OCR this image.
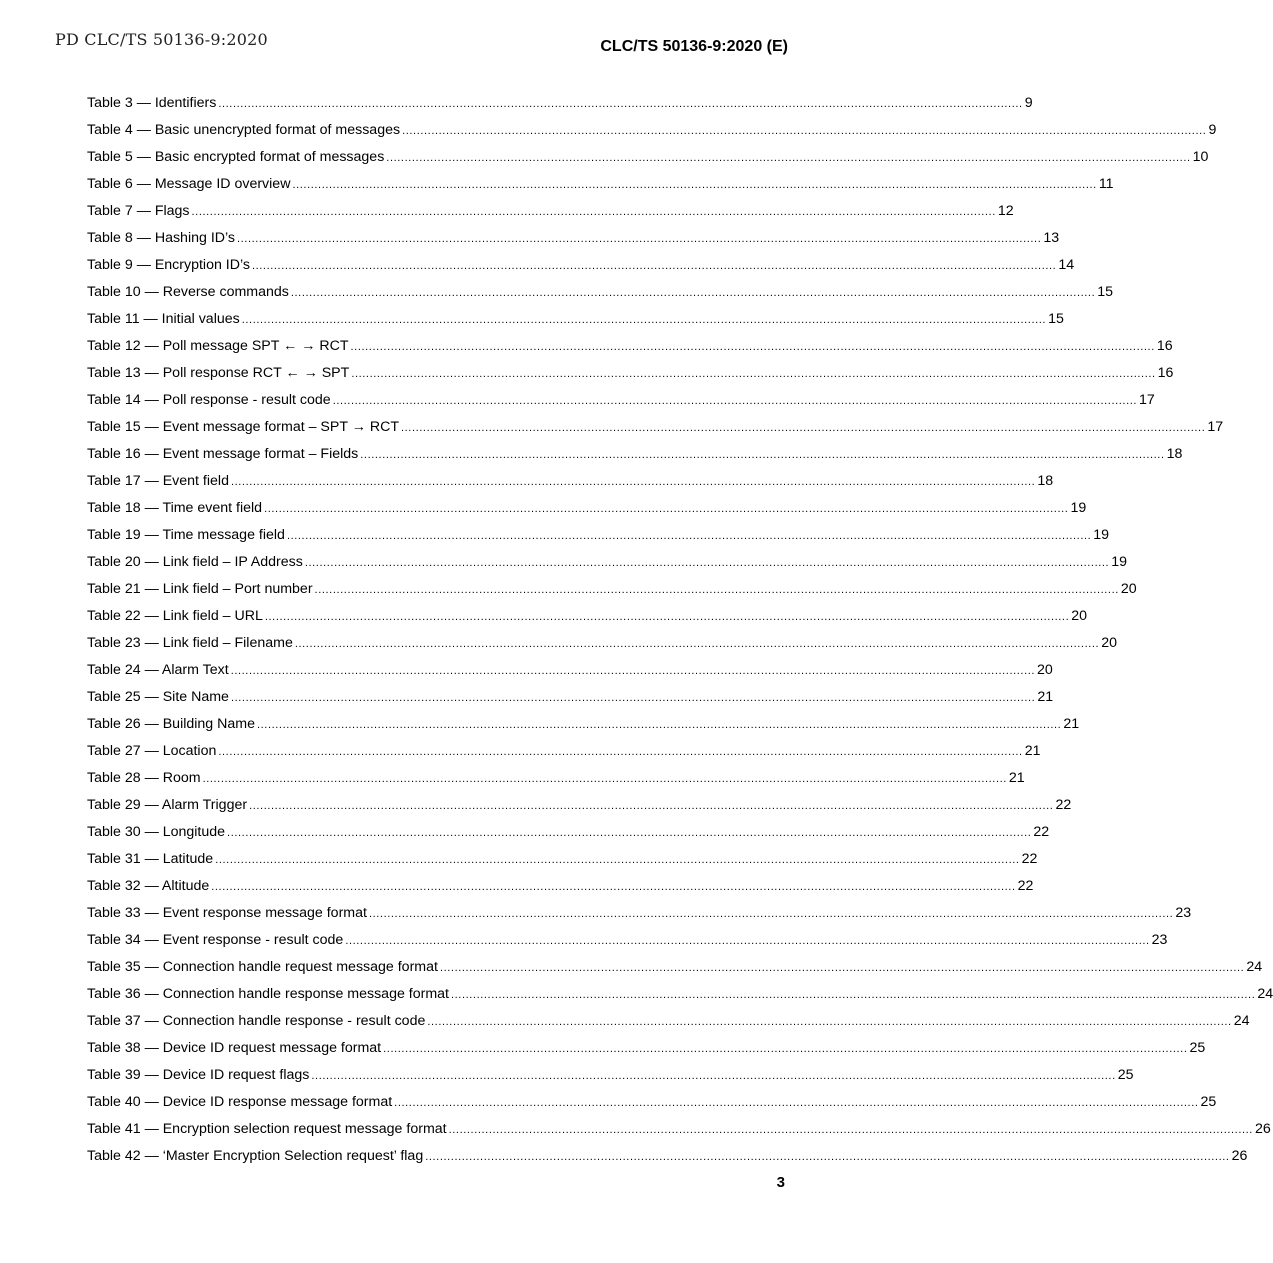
PD CLC/TS 50136-9:2020	CLC/TS 50136-9:2020 (E)
Table 3 — Identifiers ............................................................................................................................................................................................................................ 9
Table 4 — Basic unencrypted format of messages ............................................................................................................................................................................................................................ 9
Table 5 — Basic encrypted format of messages ............................................................................................................................................................................................................................ 10
Table 6 — Message ID overview ............................................................................................................................................................................................................................ 11
Table 7 — Flags ............................................................................................................................................................................................................................ 12
Table 8 — Hashing ID’s ............................................................................................................................................................................................................................ 13
Table 9 — Encryption ID’s ............................................................................................................................................................................................................................ 14
Table 10 — Reverse commands ............................................................................................................................................................................................................................ 15
Table 11 — Initial values ............................................................................................................................................................................................................................ 15
Table 12 — Poll message SPT ← → RCT ............................................................................................................................................................................................................................ 16
Table 13 — Poll response RCT ← → SPT ............................................................................................................................................................................................................................ 16
Table 14 — Poll response - result code ............................................................................................................................................................................................................................ 17
Table 15 — Event message format – SPT → RCT ............................................................................................................................................................................................................................ 17
Table 16 — Event message format – Fields ............................................................................................................................................................................................................................ 18
Table 17 — Event field ............................................................................................................................................................................................................................ 18
Table 18 — Time event field ............................................................................................................................................................................................................................ 19
Table 19 — Time message field ............................................................................................................................................................................................................................ 19
Table 20 — Link field – IP Address ............................................................................................................................................................................................................................ 19
Table 21 — Link field – Port number ............................................................................................................................................................................................................................ 20
Table 22 — Link field – URL ............................................................................................................................................................................................................................ 20
Table 23 — Link field – Filename ............................................................................................................................................................................................................................ 20
Table 24 — Alarm Text ............................................................................................................................................................................................................................ 20
Table 25 — Site Name ............................................................................................................................................................................................................................ 21
Table 26 — Building Name ............................................................................................................................................................................................................................ 21
Table 27 — Location ............................................................................................................................................................................................................................ 21
Table 28 — Room ............................................................................................................................................................................................................................ 21
Table 29 — Alarm Trigger ............................................................................................................................................................................................................................ 22
Table 30 — Longitude ............................................................................................................................................................................................................................ 22
Table 31 — Latitude ............................................................................................................................................................................................................................ 22
Table 32 — Altitude ............................................................................................................................................................................................................................ 22
Table 33 — Event response message format ............................................................................................................................................................................................................................ 23
Table 34 — Event response - result code ............................................................................................................................................................................................................................ 23
Table 35 — Connection handle request message format ............................................................................................................................................................................................................................ 24
Table 36 — Connection handle response message format ............................................................................................................................................................................................................................ 24
Table 37 — Connection handle response - result code ............................................................................................................................................................................................................................ 24
Table 38 — Device ID request message format ............................................................................................................................................................................................................................ 25
Table 39 — Device ID request flags ............................................................................................................................................................................................................................ 25
Table 40 — Device ID response message format ............................................................................................................................................................................................................................ 25
Table 41 — Encryption selection request message format ............................................................................................................................................................................................................................ 26
Table 42 — ‘Master Encryption Selection request’ flag ............................................................................................................................................................................................................................ 26
3
